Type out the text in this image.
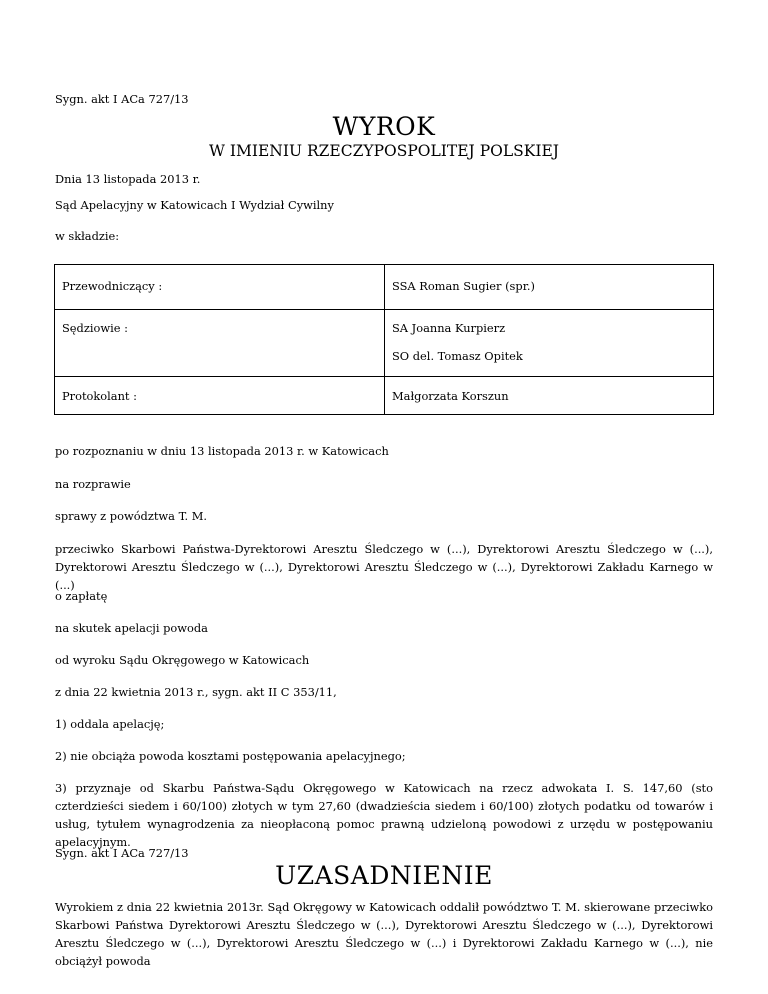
Sygn. akt I ACa 727/13
WYROK
W IMIENIU RZECZYPOSPOLITEJ POLSKIEJ
Dnia 13 listopada 2013 r.
Sąd Apelacyjny w Katowicach I Wydział Cywilny
w składzie:
Przewodniczący :	SSA Roman Sugier (spr.)
Sędziowie :	SA Joanna Kurpierz
SO del. Tomasz Opitek
Protokolant :	Małgorzata Korszun
po rozpoznaniu w dniu 13 listopada 2013 r. w Katowicach
na rozprawie
sprawy z powództwa T. M.
przeciwko Skarbowi Państwa-Dyrektorowi Aresztu Śledczego w (...), Dyrektorowi Aresztu Śledczego w (...), Dyrektorowi Aresztu Śledczego w (...), Dyrektorowi Aresztu Śledczego w (...), Dyrektorowi Zakładu Karnego w (...)
o zapłatę
na skutek apelacji powoda
od wyroku Sądu Okręgowego w Katowicach
z dnia 22 kwietnia 2013 r., sygn. akt II C 353/11,
1) oddala apelację;
2) nie obciąża powoda kosztami postępowania apelacyjnego;
3) przyznaje od Skarbu Państwa-Sądu Okręgowego w Katowicach na rzecz adwokata I. S. 147,60 (sto czterdzieści siedem i 60/100) złotych w tym 27,60 (dwadzieścia siedem i 60/100) złotych podatku od towarów i usług, tytułem wynagrodzenia za nieopłaconą pomoc prawną udzieloną powodowi z urzędu w postępowaniu apelacyjnym.
Sygn. akt I ACa 727/13
UZASADNIENIE
Wyrokiem z dnia 22 kwietnia 2013r. Sąd Okręgowy w Katowicach oddalił powództwo T. M. skierowane przeciwko Skarbowi Państwa Dyrektorowi Aresztu Śledczego w (...), Dyrektorowi Aresztu Śledczego w (...), Dyrektorowi Aresztu Śledczego w (...), Dyrektorowi Aresztu Śledczego w (...) i Dyrektorowi Zakładu Karnego w (...), nie obciążył powoda
